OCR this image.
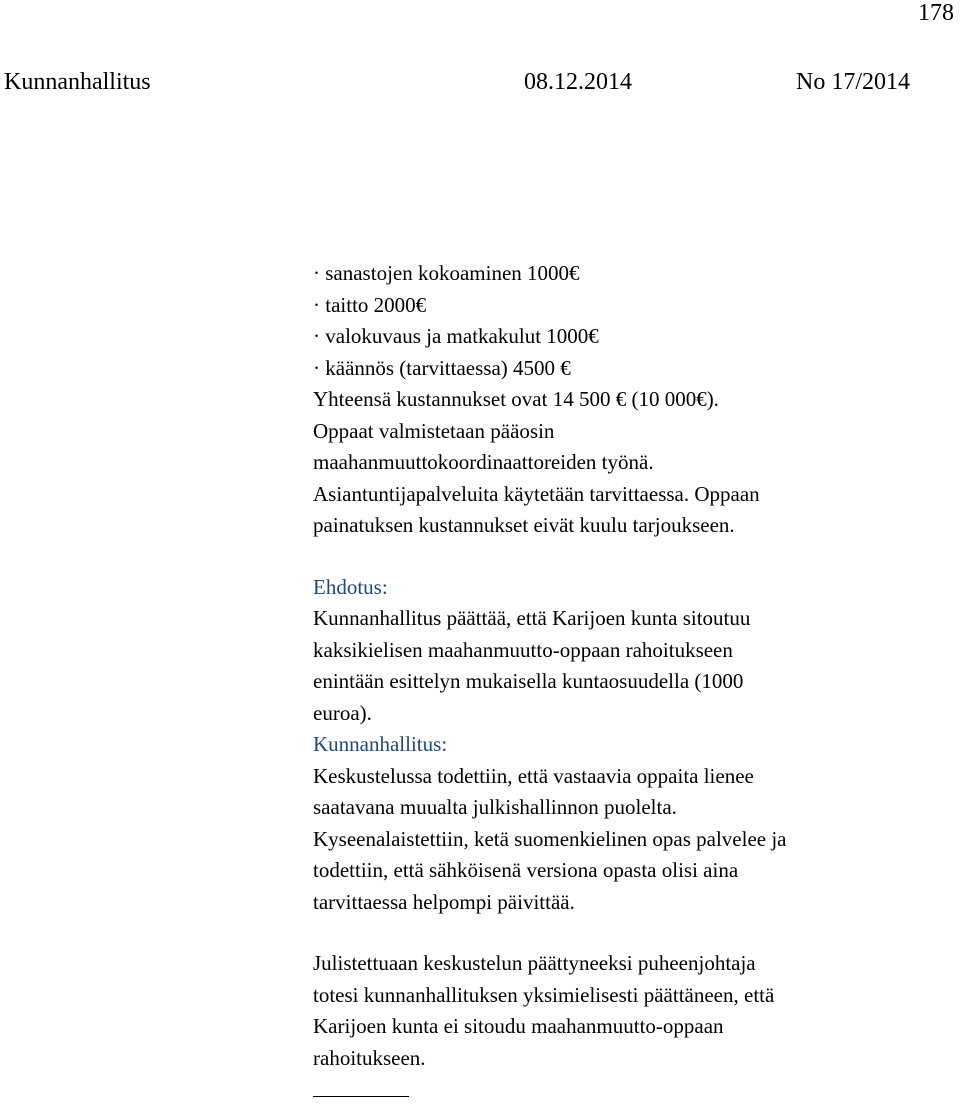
178
Kunnanhallitus	08.12.2014	No 17/2014
· sanastojen kokoaminen 1000€
· taitto 2000€
· valokuvaus ja matkakulut 1000€
· käännös (tarvittaessa) 4500 €
Yhteensä kustannukset ovat 14 500 € (10 000€).
Oppaat valmistetaan pääosin
maahanmuuttokoordinaattoreiden työnä.
Asiantuntijapalveluita käytetään tarvittaessa. Oppaan
painatuksen kustannukset eivät kuulu tarjoukseen.
Ehdotus:
Kunnanhallitus päättää, että Karijoen kunta sitoutuu
kaksikielisen maahanmuutto-oppaan rahoitukseen
enintään esittelyn mukaisella kuntaosuudella (1000
euroa).
Kunnanhallitus:
Keskustelussa todettiin, että vastaavia oppaita lienee
saatavana muualta julkishallinnon puolelta.
Kyseenalaistettiin, ketä suomenkielinen opas palvelee ja
todettiin, että sähköisenä versiona opasta olisi aina
tarvittaessa helpompi päivittää.
Julistettuaan keskustelun päättyneeksi puheenjohtaja
totesi kunnanhallituksen yksimielisesti päättäneen, että
Karijoen kunta ei sitoudu maahanmuutto-oppaan
rahoitukseen.
